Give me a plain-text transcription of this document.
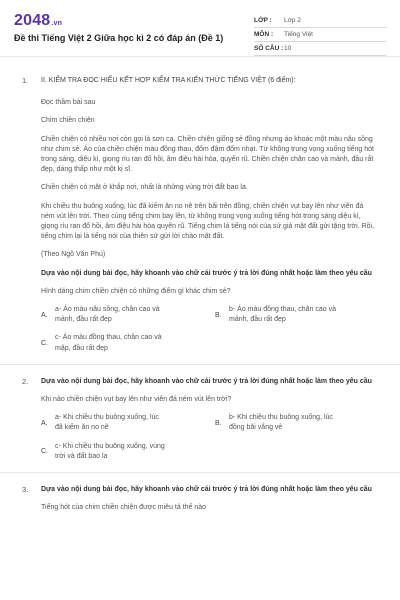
2048.vn
Đề thi Tiếng Việt 2 Giữa học kì 2 có đáp án (Đề 1)
LỚP :	Lớp 2
MÔN :	Tiếng Việt
SỐ CÂU : 10
1. II. KIỂM TRA ĐỌC HIỂU KẾT HỢP KIỂM TRA KIẾN THỨC TIẾNG VIỆT (6 điểm):

Đọc thầm bài sau

Chim chiền chiện

Chiền chiện có nhiều nơi còn gọi là sơn ca. Chiền chiện giống sẻ đồng nhưng áo khoác một màu nâu sồng như chim sẻ. Áo của chiền chiện màu đồng thau, đốm đậm đốm nhạt. Từ không trung vọng xuống tiếng hót trong sáng, diệu kì, giọng ríu ran đổ hồi, âm điệu hài hòa, quyến rũ. Chiền chiện chân cao và mảnh, đầu rất đẹp, dáng thấp như một kị sĩ.

Chiền chiện có mặt ở khắp nơi, nhất là những vùng trời đất bao la.

Khi chiều thu buông xuống, lúc đã kiếm ăn no nê trên bãi trên đồng, chiền chiện vụt bay lên như viên đá ném vút lên trời. Theo cùng tiếng chim bay lên, từ không trung vọng xuống tiếng hót trong sáng diệu kì, giọng ríu ran đổ hồi, âm điệu hài hòa quyến rũ. Tiếng chim là tiếng nói của sứ giả mặt đất gửi tặng trời. Rồi, tiếng chim lại là tiếng nói của thiên sứ gửi lời chào mặt đất.

(Theo Ngô Văn Phú)

Dựa vào nội dung bài đọc, hãy khoanh vào chữ cái trước ý trả lời đúng nhất hoặc làm theo yêu cầu

Hình dáng chim chiền chiện có những điểm gì khác chim sẻ?

A.
a- Áo màu nâu sồng, chân cao và mảnh, đầu rất đẹp
B.
b- Áo màu đồng thau, chân cao và mảnh, đầu rất đẹp
C.
c- Áo màu đồng thau, chân cao và mập, đầu rất đẹp
2. Dựa vào nội dung bài đọc, hãy khoanh vào chữ cái trước ý trả lời đúng nhất hoặc làm theo yêu cầu

Khi nào chiền chiện vụt bay lên như viên đá ném vút lên trời?

A.
a- Khi chiều thu buông xuống, lúc đã kiếm ăn no nê
B.
b- Khi chiều thu buông xuống, lúc đồng bãi vắng vẻ
C.
c- Khi chiều thu buông xuống, vùng trời và đất bao la
3. Dựa vào nội dung bài đọc, hãy khoanh vào chữ cái trước ý trả lời đúng nhất hoặc làm theo yêu cầu

Tiếng hót của chim chiền chiện được miêu tả thế nào
